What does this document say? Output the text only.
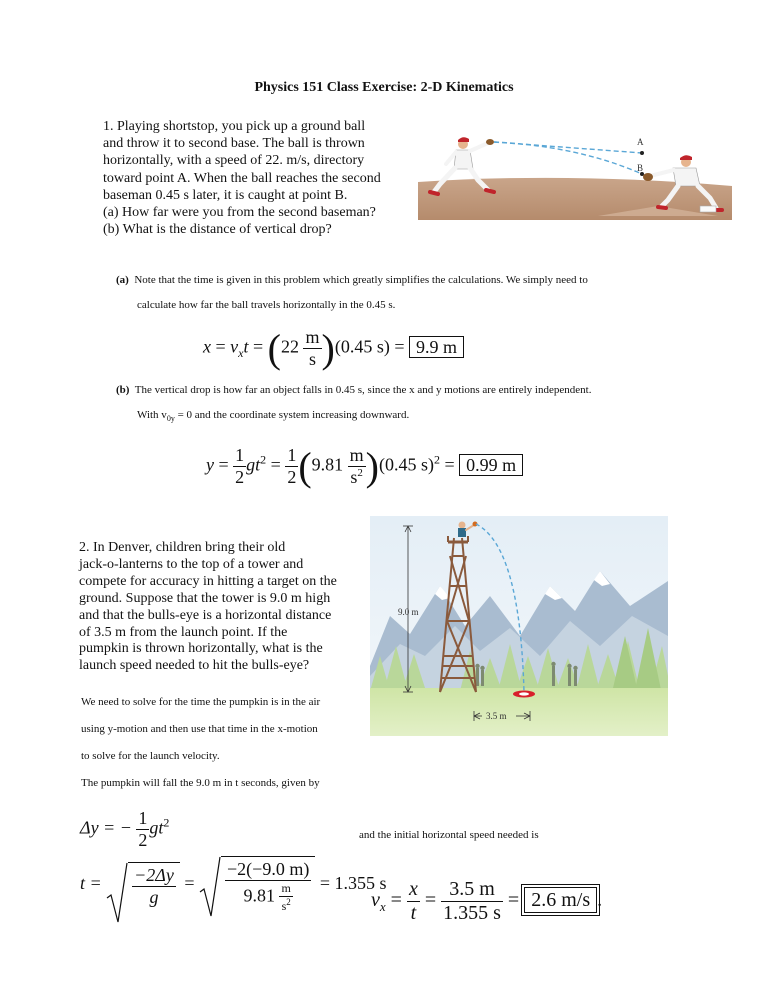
Physics 151 Class Exercise: 2-D Kinematics
1. Playing shortstop, you pick up a ground ball
and throw it to second base. The ball is thrown
horizontally, with a speed of 22. m/s, directory
toward point A. When the ball reaches the second
baseman 0.45 s later, it is caught at point B.
(a) How far were you from the second baseman?
(b) What is the distance of vertical drop?
A
B
(a) Note that the time is given in this problem which greatly simplifies the calculations. We simply need to
calculate how far the ball travels horizontally in the 0.45 s.
$x = v_xt = (22 \frac{m}{s} )(0.45$ s) = 9.9 m
(b) The vertical drop is how far an object falls in 0.45 s, since the x and y motions are entirely independent.
With $v_{0y} = 0$ and the coordinate system increasing downward.
$y = \frac{1}{2} gt^2 = \frac{1}{2} (9.81 \frac{m}{s^2} )(0.45$ s)$^2$ = 0.99 m
2. In Denver, children bring their old
jack-o-lanterns to the top of a tower and
compete for accuracy in hitting a target on the
ground. Suppose that the tower is 9.0 m high
and that the bulls-eye is a horizontal distance
of 3.5 m from the launch point. If the
pumpkin is thrown horizontally, what is the
launch speed needed to hit the bulls-eye?
9.0 m
3.5 m
We need to solve for the time the pumpkin is in the air
using y-motion and then use that time in the x-motion
to solve for the launch velocity.
The pumpkin will fall the 9.0 m in t seconds, given by
and the initial horizontal speed needed is
Δy = − $\frac{1}{2} gt^2$
$t = \frac{-2\Delta y}{g} = \frac{-2(-9.0 m)}{9.81 \frac{m}{s^2}} = 1.355$ s
$v_x = \frac{x}{t} = \frac{3.5 m}{1.355 s} = 2.6$ m/s .
